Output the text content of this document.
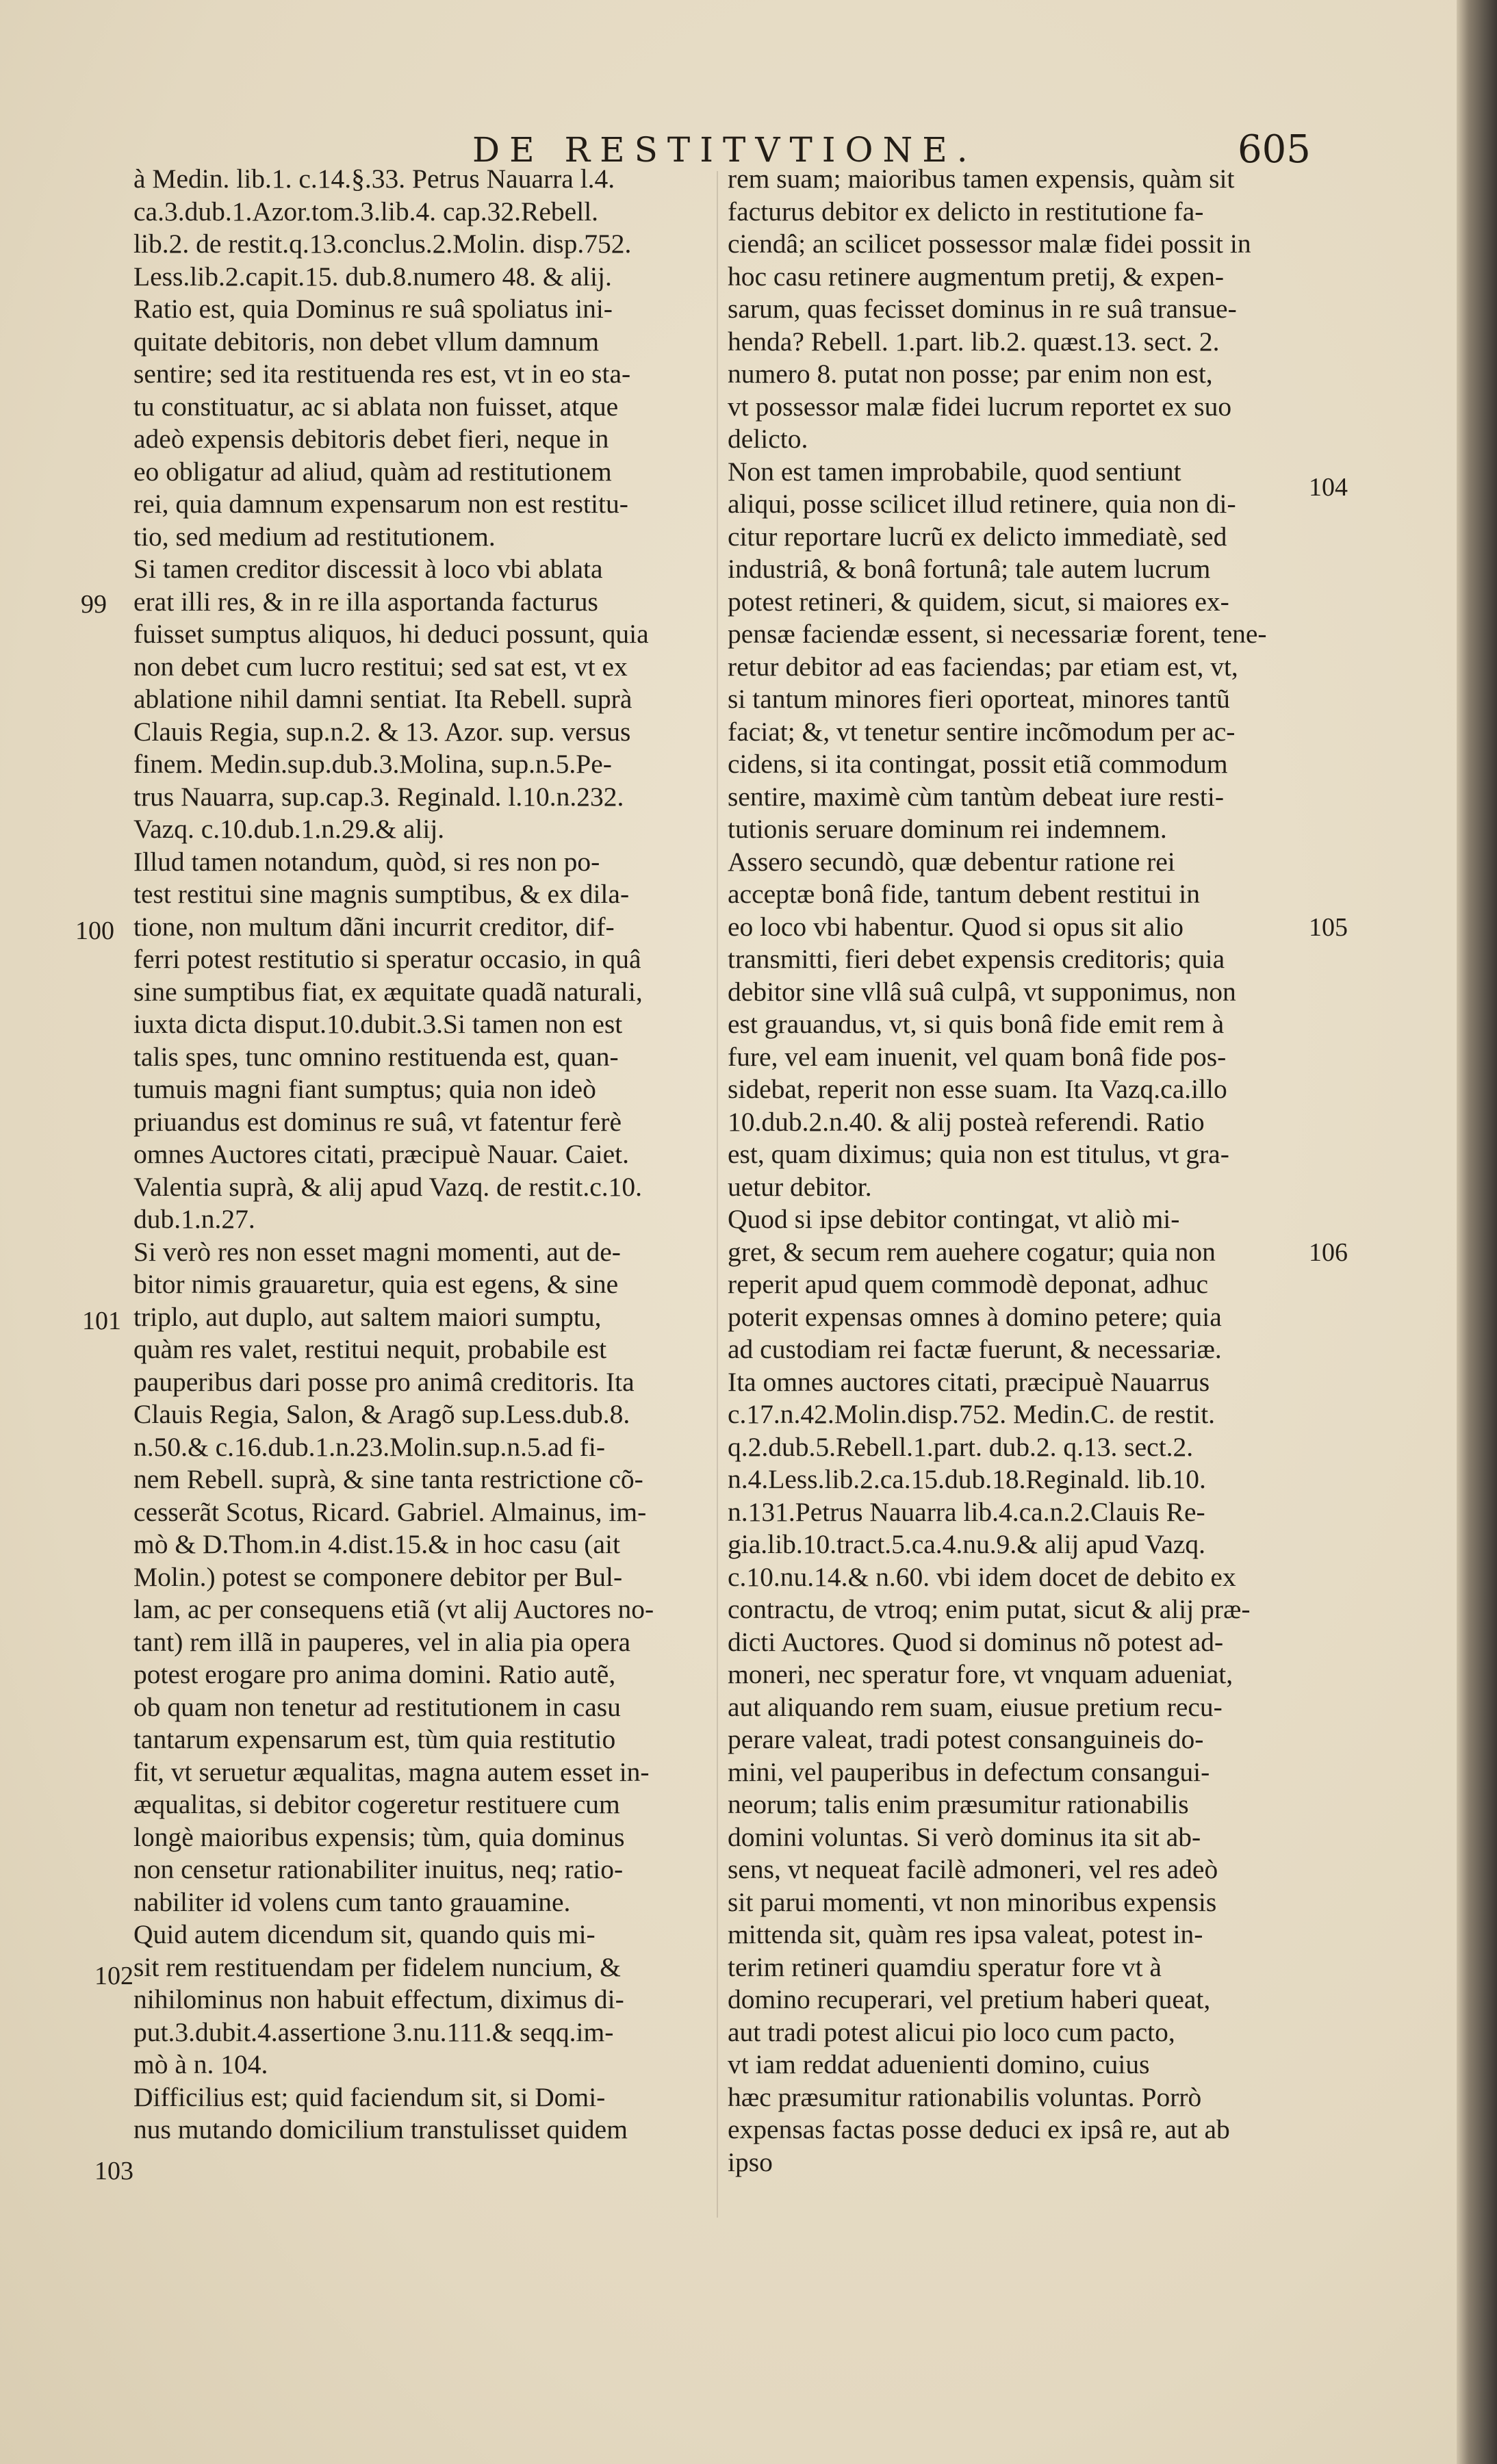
DE RESTITVTIONE.	605
à Medin. lib.1. c.14.§.33. Petrus Nauarra l.4.
ca.3.dub.1.Azor.tom.3.lib.4. cap.32.Rebell.
lib.2. de restit.q.13.conclus.2.Molin. disp.752.
Less.lib.2.capit.15. dub.8.numero 48. & alij.
Ratio est, quia Dominus re suâ spoliatus ini-
quitate debitoris, non debet vllum damnum
sentire; sed ita restituenda res est, vt in eo sta-
tu constituatur, ac si ablata non fuisset, atque
adeò expensis debitoris debet fieri, neque in
eo obligatur ad aliud, quàm ad restitutionem
rei, quia damnum expensarum non est restitu-
tio, sed medium ad restitutionem.
Si tamen creditor discessit à loco vbi ablata
erat illi res, & in re illa asportanda facturus
fuisset sumptus aliquos, hi deduci possunt, quia
non debet cum lucro restitui; sed sat est, vt ex
ablatione nihil damni sentiat. Ita Rebell. suprà
Clauis Regia, sup.n.2. & 13. Azor. sup. versus
finem. Medin.sup.dub.3.Molina, sup.n.5.Pe-
trus Nauarra, sup.cap.3. Reginald. l.10.n.232.
Vazq. c.10.dub.1.n.29.& alij.
Illud tamen notandum, quòd, si res non po-
test restitui sine magnis sumptibus, & ex dila-
tione, non multum dãni incurrit creditor, dif-
ferri potest restitutio si speratur occasio, in quâ
sine sumptibus fiat, ex æquitate quadã naturali,
iuxta dicta disput.10.dubit.3.Si tamen non est
talis spes, tunc omnino restituenda est, quan-
tumuis magni fiant sumptus; quia non ideò
priuandus est dominus re suâ, vt fatentur ferè
omnes Auctores citati, præcipuè Nauar. Caiet.
Valentia suprà, & alij apud Vazq. de restit.c.10.
dub.1.n.27.
Si verò res non esset magni momenti, aut de-
bitor nimis grauaretur, quia est egens, & sine
triplo, aut duplo, aut saltem maiori sumptu,
quàm res valet, restitui nequit, probabile est
pauperibus dari posse pro animâ creditoris. Ita
Clauis Regia, Salon, & Aragõ sup.Less.dub.8.
n.50.& c.16.dub.1.n.23.Molin.sup.n.5.ad fi-
nem Rebell. suprà, & sine tanta restrictione cõ-
cesserãt Scotus, Ricard. Gabriel. Almainus, im-
mò & D.Thom.in 4.dist.15.& in hoc casu (ait
Molin.) potest se componere debitor per Bul-
lam, ac per consequens etiã (vt alij Auctores no-
tant) rem illã in pauperes, vel in alia pia opera
potest erogare pro anima domini. Ratio autẽ,
ob quam non tenetur ad restitutionem in casu
tantarum expensarum est, tùm quia restitutio
fit, vt seruetur æqualitas, magna autem esset in-
æqualitas, si debitor cogeretur restituere cum
longè maioribus expensis; tùm, quia dominus
non censetur rationabiliter inuitus, neq; ratio-
nabiliter id volens cum tanto grauamine.
Quid autem dicendum sit, quando quis mi-
sit rem restituendam per fidelem nuncium, &
nihilominus non habuit effectum, diximus di-
put.3.dubit.4.assertione 3.nu.111.& seqq.im-
mò à n. 104.
Difficilius est; quid faciendum sit, si Domi-
nus mutando domicilium transtulisset quidem
rem suam; maioribus tamen expensis, quàm sit
facturus debitor ex delicto in restitutione fa-
ciendâ; an scilicet possessor malæ fidei possit in
hoc casu retinere augmentum pretij, & expen-
sarum, quas fecisset dominus in re suâ transue-
henda? Rebell. 1.part. lib.2. quæst.13. sect. 2.
numero 8. putat non posse; par enim non est,
vt possessor malæ fidei lucrum reportet ex suo
delicto.
Non est tamen improbabile, quod sentiunt
aliqui, posse scilicet illud retinere, quia non di-
citur reportare lucrũ ex delicto immediatè, sed
industriâ, & bonâ fortunâ; tale autem lucrum
potest retineri, & quidem, sicut, si maiores ex-
pensæ faciendæ essent, si necessariæ forent, tene-
retur debitor ad eas faciendas; par etiam est, vt,
si tantum minores fieri oporteat, minores tantũ
faciat; &, vt tenetur sentire incõmodum per ac-
cidens, si ita contingat, possit etiã commodum
sentire, maximè cùm tantùm debeat iure resti-
tutionis seruare dominum rei indemnem.
Assero secundò, quæ debentur ratione rei
acceptæ bonâ fide, tantum debent restitui in
eo loco vbi habentur. Quod si opus sit alio
transmitti, fieri debet expensis creditoris; quia
debitor sine vllâ suâ culpâ, vt supponimus, non
est grauandus, vt, si quis bonâ fide emit rem à
fure, vel eam inuenit, vel quam bonâ fide pos-
sidebat, reperit non esse suam. Ita Vazq.ca.illo
10.dub.2.n.40. & alij posteà referendi. Ratio
est, quam diximus; quia non est titulus, vt gra-
uetur debitor.
Quod si ipse debitor contingat, vt aliò mi-
gret, & secum rem auehere cogatur; quia non
reperit apud quem commodè deponat, adhuc
poterit expensas omnes à domino petere; quia
ad custodiam rei factæ fuerunt, & necessariæ.
Ita omnes auctores citati, præcipuè Nauarrus
c.17.n.42.Molin.disp.752. Medin.C. de restit.
q.2.dub.5.Rebell.1.part. dub.2. q.13. sect.2.
n.4.Less.lib.2.ca.15.dub.18.Reginald. lib.10.
n.131.Petrus Nauarra lib.4.ca.n.2.Clauis Re-
gia.lib.10.tract.5.ca.4.nu.9.& alij apud Vazq.
c.10.nu.14.& n.60. vbi idem docet de debito ex
contractu, de vtroq; enim putat, sicut & alij præ-
dicti Auctores. Quod si dominus nõ potest ad-
moneri, nec speratur fore, vt vnquam adueniat,
aut aliquando rem suam, eiusue pretium recu-
perare valeat, tradi potest consanguineis do-
mini, vel pauperibus in defectum consangui-
neorum; talis enim præsumitur rationabilis
domini voluntas. Si verò dominus ita sit ab-
sens, vt nequeat facilè admoneri, vel res adeò
sit parui momenti, vt non minoribus expensis
mittenda sit, quàm res ipsa valeat, potest in-
terim retineri quamdiu speratur fore vt à
domino recuperari, vel pretium haberi queat,
aut tradi potest alicui pio loco cum pacto,
vt iam reddat aduenienti domino, cuius
hæc præsumitur rationabilis voluntas. Porrò
expensas factas posse deduci ex ipsâ re, aut ab
ipso
99
100
101
102
103
104
105
106
